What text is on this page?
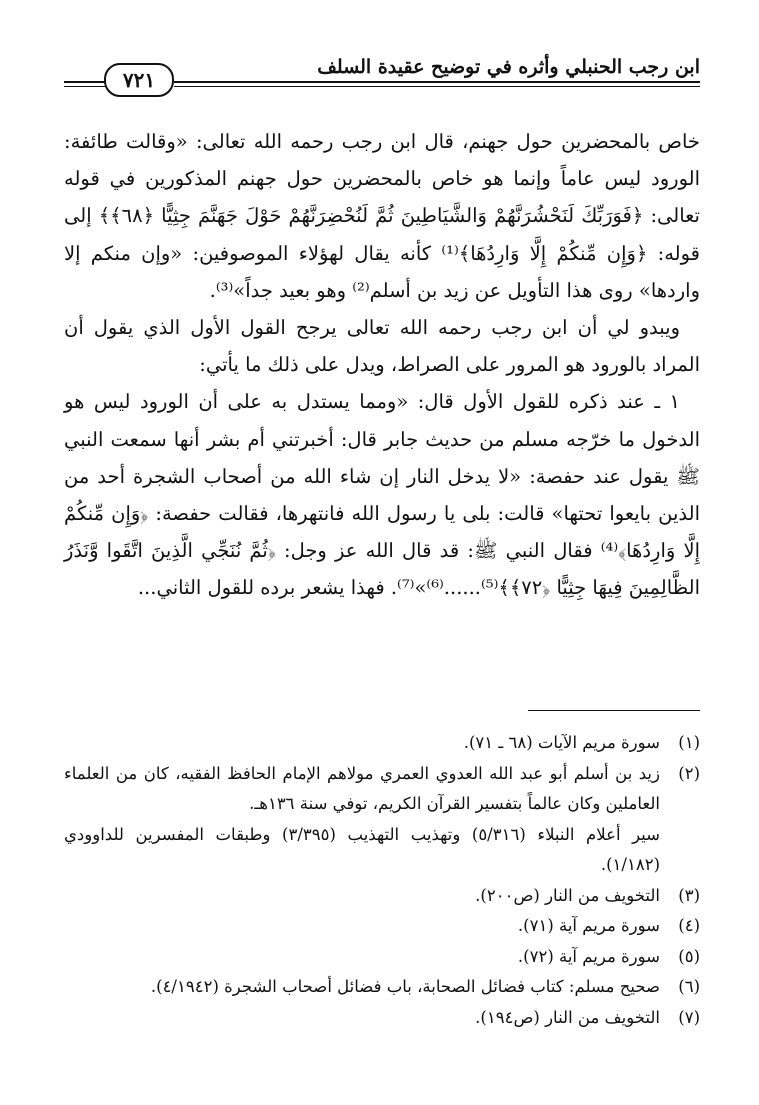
٧٢١
ابن رجب الحنبلي وأثره في توضيح عقيدة السلف

خاص بالمحضرين حول جهنم، قال ابن رجب رحمه الله تعالى: «وقالت طائفة: الورود ليس عاماً وإنما هو خاص بالمحضرين حول جهنم المذكورين في قوله تعالى: ﴿فَوَرَبِّكَ لَنَحْشُرَنَّهُمْ وَالشَّيَاطِينَ ثُمَّ لَنُحْضِرَنَّهُمْ حَوْلَ جَهَنَّمَ جِثِيًّا ﴿٦٨﴾﴾ إلى قوله: ﴿وَإِن مِّنكُمْ إِلَّا وَارِدُهَا﴾⁽¹⁾ كأنه يقال لهؤلاء الموصوفين: «وإن منكم إلا واردها» روى هذا التأويل عن زيد بن أسلم⁽²⁾ وهو بعيد جداً»⁽³⁾.

ويبدو لي أن ابن رجب رحمه الله تعالى يرجح القول الأول الذي يقول أن المراد بالورود هو المرور على الصراط، ويدل على ذلك ما يأتي:

١ ـ عند ذكره للقول الأول قال: «ومما يستدل به على أن الورود ليس هو الدخول ما خرّجه مسلم من حديث جابر قال: أخبرتني أم بشر أنها سمعت النبي ﷺ يقول عند حفصة: «لا يدخل النار إن شاء الله من أصحاب الشجرة أحد من الذين بايعوا تحتها» قالت: بلى يا رسول الله فانتهرها، فقالت حفصة: ﴿وَإِن مِّنكُمْ إِلَّا وَارِدُهَا﴾⁽⁴⁾ فقال النبي ﷺ: قد قال الله عز وجل: ﴿ثُمَّ نُنَجِّي الَّذِينَ اتَّقَوا وَّنَذَرُ الظَّالِمِينَ فِيهَا جِثِيًّا ﴿٧٢﴾﴾⁽⁵⁾......⁽⁶⁾»⁽⁷⁾. فهذا يشعر برده للقول الثاني...

(١)
سورة مريم الآيات (٦٨ ـ ٧١).
(٢)
زيد بن أسلم أبو عبد الله العدوي العمري مولاهم الإمام الحافظ الفقيه، كان من العلماء العاملين وكان عالماً بتفسير القرآن الكريم، توفي سنة ١٣٦هـ.
سير أعلام النبلاء (٥/٣١٦) وتهذيب التهذيب (٣/٣٩٥) وطبقات المفسرين للداوودي (١/١٨٢).
(٣)
التخويف من النار (ص٢٠٠).
(٤)
سورة مريم آية (٧١).
(٥)
سورة مريم آية (٧٢).
(٦)
صحيح مسلم: كتاب فضائل الصحابة، باب فضائل أصحاب الشجرة (٤/١٩٤٢).
(٧)
التخويف من النار (ص١٩٤).
